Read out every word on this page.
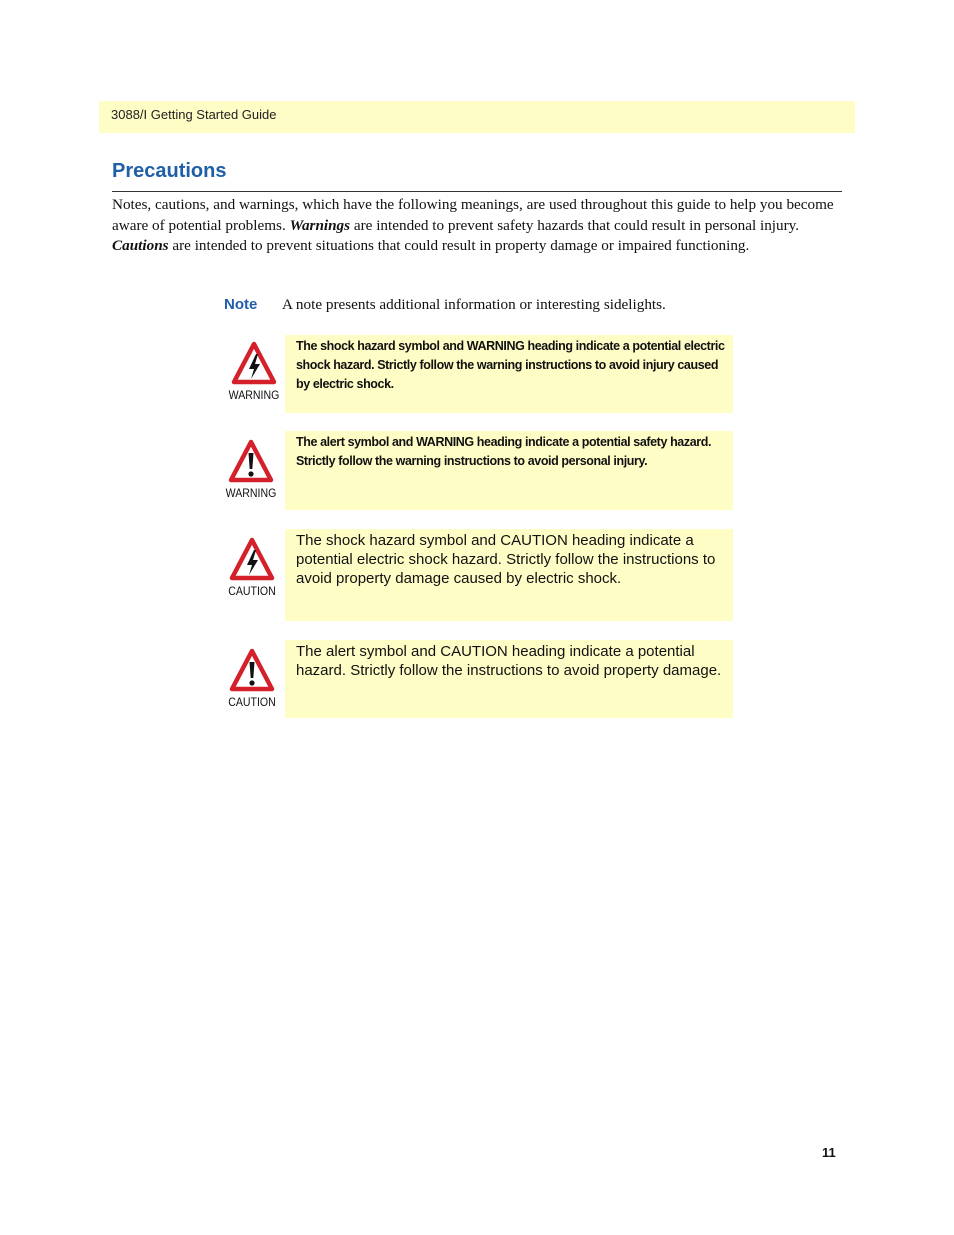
3088/I Getting Started Guide
Precautions

Notes, cautions, and warnings, which have the following meanings, are used throughout this guide to help you become aware of potential problems. Warnings are intended to prevent safety hazards that could result in personal injury. Cautions are intended to prevent situations that could result in property damage or impaired functioning.

Note A note presents additional information or interesting sidelights.
WARNING

The shock hazard symbol and WARNING heading indicate a potential electric shock hazard. Strictly follow the warning instructions to avoid injury caused by electric shock.

WARNING

The alert symbol and WARNING heading indicate a potential safety hazard. Strictly follow the warning instructions to avoid personal injury.

CAUTION

The shock hazard symbol and CAUTION heading indicate a potential electric shock hazard. Strictly follow the instructions to avoid property damage caused by electric shock.

CAUTION

The alert symbol and CAUTION heading indicate a potential hazard. Strictly follow the instructions to avoid property damage.

11
